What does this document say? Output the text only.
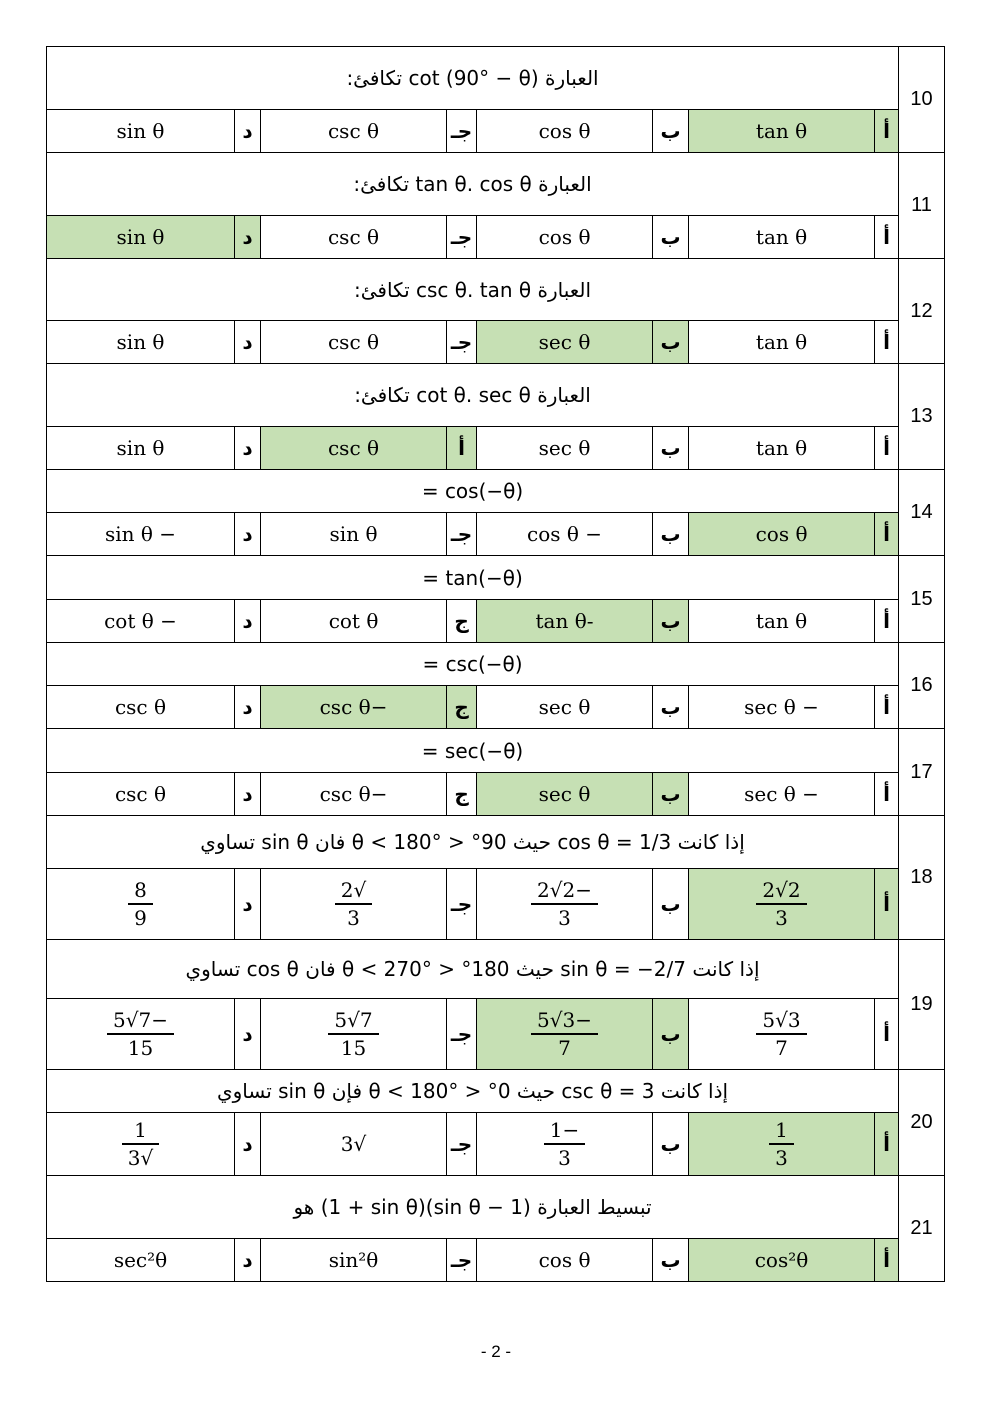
10	العبارة cot (90° − θ) تكافئ:							
	أ	tan θ	ب	cos θ	جـ	csc θ	د	sin θ
11	العبارة tan θ. cos θ تكافئ:							
	أ	tan θ	ب	cos θ	جـ	csc θ	د	sin θ
12	العبارة csc θ. tan θ تكافئ:							
	أ	tan θ	ب	sec θ	جـ	csc θ	د	sin θ
13	العبارة cot θ. sec θ تكافئ:							
	أ	tan θ	ب	sec θ	أ	csc θ	د	sin θ
14	cos(−θ) =							
	أ	cos θ	ب	− cos θ	جـ	sin θ	د	− sin θ
15	tan(−θ) =							
	أ	tan θ	ب	-tan θ	ج	cot θ	د	− cot θ
16	csc(−θ) =							
	أ	− sec θ	ب	sec θ	ج	−csc θ	د	csc θ
17	sec(−θ) =							
	أ	− sec θ	ب	sec θ	ج	−csc θ	د	csc θ
18	إذا كانت cos θ = 1/3 حيث 90° < θ < 180° فان sin θ تساوي							
	أ	$\frac{2√2}{3}$	ب	$\frac{-2√2}{3}$	جـ	$\frac{√2}{3}$	د	$\frac{8}{9}$

19	إذا كانت sin θ = −2/7 حيث 180° < θ < 270° فان cos θ تساوي							
	أ	$\frac{3√5}{7}$	ب	$\frac{-3√5}{7}$	جـ	$\frac{7√5}{15}$	د	$\frac{-7√5}{15}$

20	إذا كانت csc θ = 3 حيث 0° < θ < 180° فإن sin θ تساوي							
	أ	$\frac{1}{3}$	ب	$\frac{-1}{3}$	جـ	√3	د	$\frac{1}{√3}$

21	تبسيط العبارة (1 − sin θ)(1 + sin θ) هو							
	أ	cos²θ	ب	cos θ	جـ	sin²θ	د	sec²θ
- 2 -
